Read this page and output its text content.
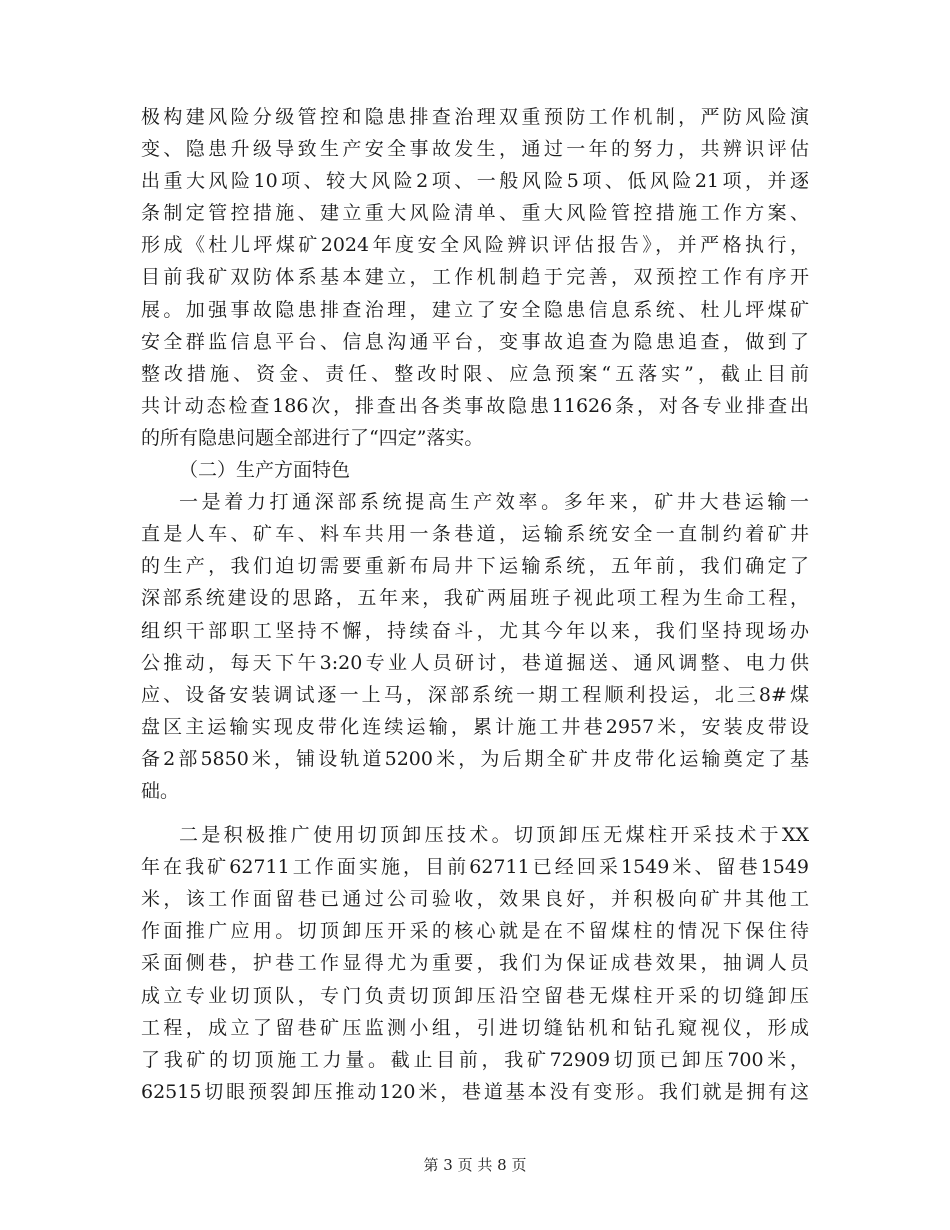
极构建风险分级管控和隐患排查治理双重预防工作机制，严防风险演
变、隐患升级导致生产安全事故发生，通过一年的努力，共辨识评估
出重大风险10项、较大风险2项、一般风险5项、低风险21项，并逐
条制定管控措施、建立重大风险清单、重大风险管控措施工作方案、
形成《杜儿坪煤矿2024年度安全风险辨识评估报告》，并严格执行，
目前我矿双防体系基本建立，工作机制趋于完善，双预控工作有序开
展。加强事故隐患排查治理，建立了安全隐患信息系统、杜儿坪煤矿
安全群监信息平台、信息沟通平台，变事故追查为隐患追查，做到了
整改措施、资金、责任、整改时限、应急预案“五落实”，截止目前
共计动态检查186次，排查出各类事故隐患11626条，对各专业排查出
的所有隐患问题全部进行了“四定”落实。
（二）生产方面特色
一是着力打通深部系统提高生产效率。多年来，矿井大巷运输一
直是人车、矿车、料车共用一条巷道，运输系统安全一直制约着矿井
的生产，我们迫切需要重新布局井下运输系统，五年前，我们确定了
深部系统建设的思路，五年来，我矿两届班子视此项工程为生命工程，
组织干部职工坚持不懈，持续奋斗，尤其今年以来，我们坚持现场办
公推动，每天下午3:20专业人员研讨，巷道掘送、通风调整、电力供
应、设备安装调试逐一上马，深部系统一期工程顺利投运，北三8#煤
盘区主运输实现皮带化连续运输，累计施工井巷2957米，安装皮带设
备2部5850米，铺设轨道5200米，为后期全矿井皮带化运输奠定了基
础。
二是积极推广使用切顶卸压技术。切顶卸压无煤柱开采技术于XX
年在我矿62711工作面实施，目前62711已经回采1549米、留巷1549
米，该工作面留巷已通过公司验收，效果良好，并积极向矿井其他工
作面推广应用。切顶卸压开采的核心就是在不留煤柱的情况下保住待
采面侧巷，护巷工作显得尤为重要，我们为保证成巷效果，抽调人员
成立专业切顶队，专门负责切顶卸压沿空留巷无煤柱开采的切缝卸压
工程，成立了留巷矿压监测小组，引进切缝钻机和钻孔窥视仪，形成
了我矿的切顶施工力量。截止目前，我矿72909切顶已卸压700米，
62515切眼预裂卸压推动120米，巷道基本没有变形。我们就是拥有这
第 3 页 共 8 页
